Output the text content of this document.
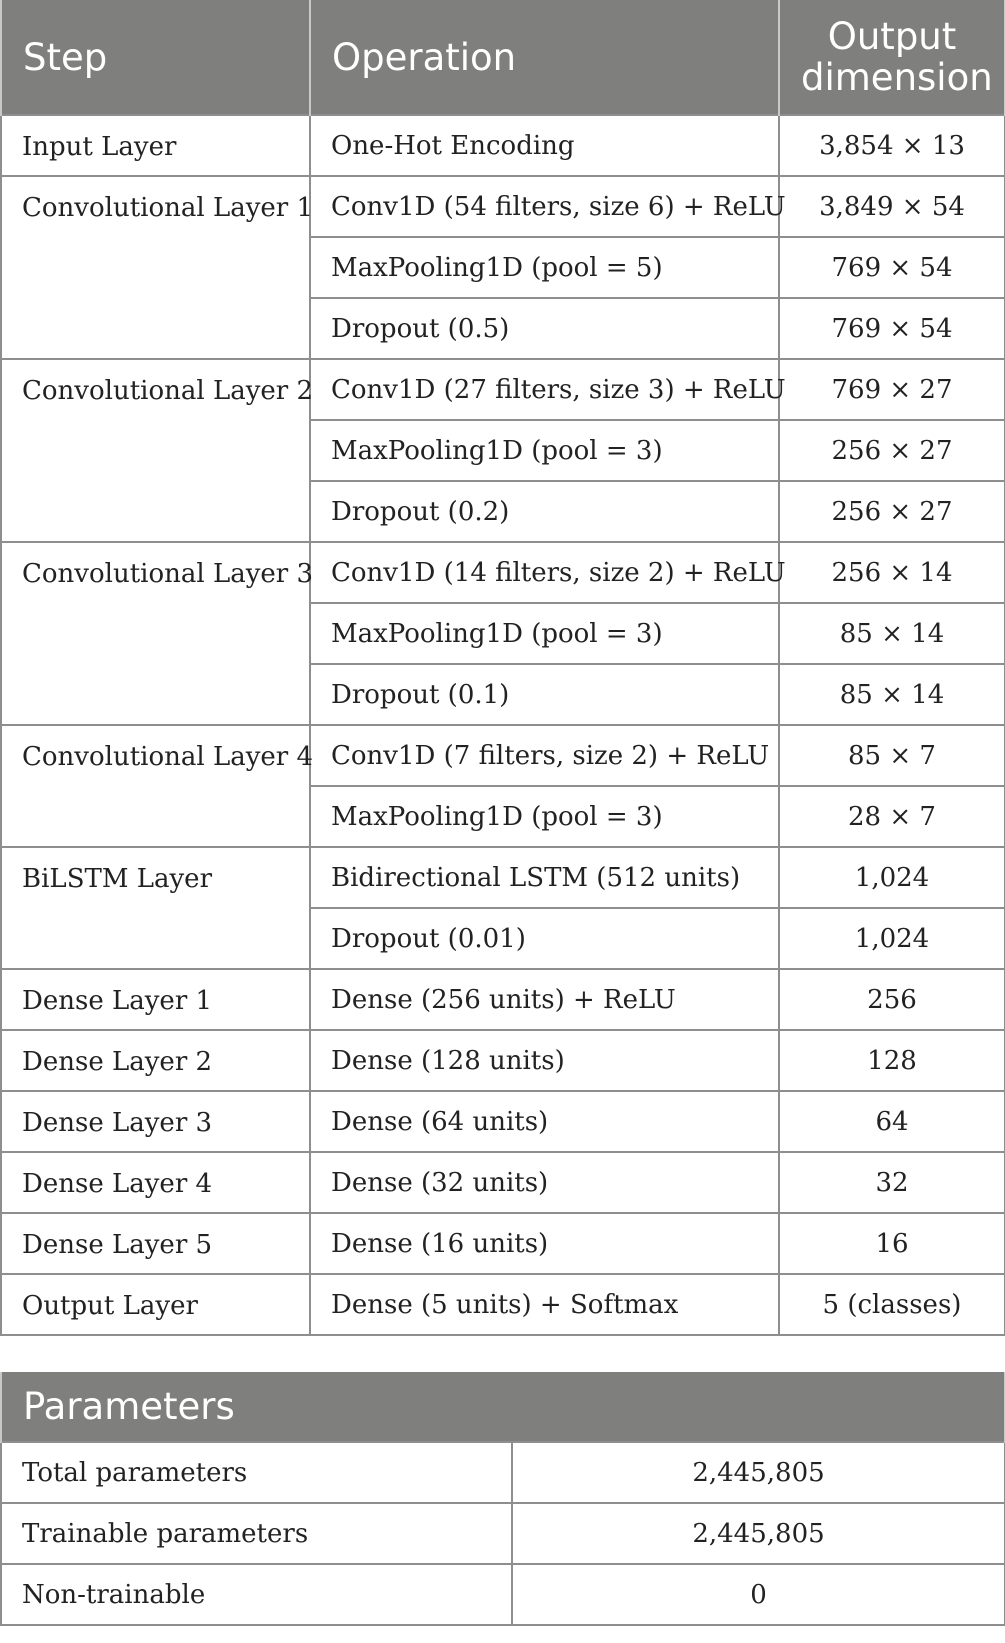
Step	Operation	Output
dimension
Input Layer	One-Hot Encoding	3,854 × 13
Convolutional Layer 1	Conv1D (54 filters, size 6) + ReLU	3,849 × 54
	MaxPooling1D (pool = 5)	769 × 54
	Dropout (0.5)	769 × 54
Convolutional Layer 2	Conv1D (27 filters, size 3) + ReLU	769 × 27
	MaxPooling1D (pool = 3)	256 × 27
	Dropout (0.2)	256 × 27
Convolutional Layer 3	Conv1D (14 filters, size 2) + ReLU	256 × 14
	MaxPooling1D (pool = 3)	85 × 14
	Dropout (0.1)	85 × 14
Convolutional Layer 4	Conv1D (7 filters, size 2) + ReLU	85 × 7
	MaxPooling1D (pool = 3)	28 × 7
BiLSTM Layer	Bidirectional LSTM (512 units)	1,024
	Dropout (0.01)	1,024
Dense Layer 1	Dense (256 units) + ReLU	256
Dense Layer 2	Dense (128 units)	128
Dense Layer 3	Dense (64 units)	64
Dense Layer 4	Dense (32 units)	32
Dense Layer 5	Dense (16 units)	16
Output Layer	Dense (5 units) + Softmax	5 (classes)
Parameters	
Total parameters	2,445,805
Trainable parameters	2,445,805
Non-trainable	0
